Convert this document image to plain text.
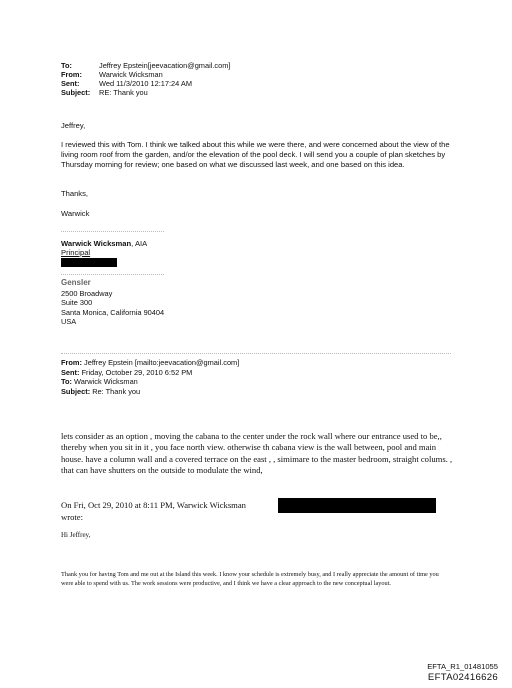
To:	Jeffrey Epstein[jeevacation@gmail.com]
From: Warwick Wicksman
Sent:	Wed 11/3/2010 12:17:24 AM
Subject: RE: Thank you
Jeffrey,
I reviewed this with Tom. I think we talked about this while we were there, and were concerned about the view of the living room roof from the garden, and/or the elevation of the pool deck. I will send you a couple of plan sketches by Thursday morning for review; one based on what we discussed last week, and one based on this idea.
Thanks,
Warwick
Warwick Wicksman, AIA
Principal
Gensler
2500 Broadway
Suite 300
Santa Monica, California 90404
USA
From: Jeffrey Epstein [mailto:jeevacation@gmail.com]
Sent: Friday, October 29, 2010 6:52 PM
To: Warwick Wicksman
Subject: Re: Thank you
lets consider as an option , moving the cabana to the center under the rock wall where our entrance used to be,, thereby when you sit in it , you face north view. otherwise th cabana view is the wall between, pool and main house. have a column wall and a covered terrace on the east , , simimare to the master bedroom, straight colums. , that can have shutters on the outside to modulate the wind,
On Fri, Oct 29, 2010 at 8:11 PM, Warwick Wicksman
wrote:
Hi Jeffrey,
Thank you for having Tom and me out at the Island this week. I know your schedule is extremely busy, and I really appreciate the amount of time you were able to spend with us. The work sessions were productive, and I think we have a clear approach to the new conceptual layout.
EFTA_R1_01481055
EFTA02416626
